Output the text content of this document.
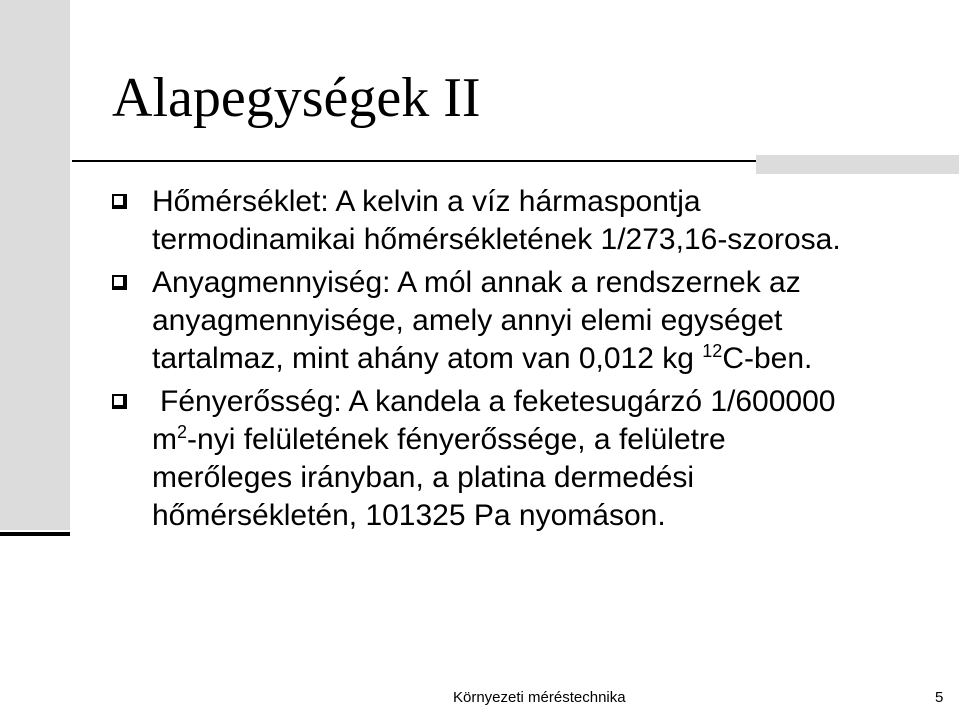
Alapegységek II
Hőmérséklet: A kelvin a víz hármaspontja
termodinamikai hőmérsékletének 1/273,16-szorosa.
Anyagmennyiség: A mól annak a rendszernek az
anyagmennyisége, amely annyi elemi egységet
tartalmaz, mint ahány atom van 0,012 kg $^{12}$C-ben.
Fényerősség: A kandela a feketesugárzó 1/600000
$m^2$-nyi felületének fényerőssége, a felületre
merőleges irányban, a platina dermedési
hőmérsékletén, 101325 Pa nyomáson.
Környezeti méréstechnika	5
